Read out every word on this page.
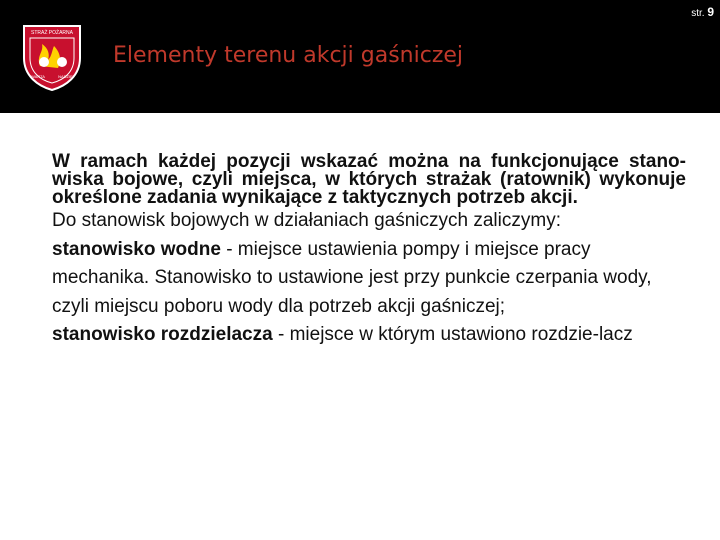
STRAŻ POŻARNA
WARTA	NADZIEI
Elementy terenu akcji gaśniczej
str. 9

W ramach każdej pozycji wskazać można na funkcjonujące stano-wiska bojowe, czyli miejsca, w których strażak (ratownik) wykonuje określone zadania wynikające z taktycznych potrzeb akcji.

Do stanowisk bojowych w działaniach gaśniczych zaliczymy:

stanowisko wodne - miejsce ustawienia pompy i miejsce pracy mechanika. Stanowisko to ustawione jest przy punkcie czerpania wody, czyli miejscu poboru wody dla potrzeb akcji gaśniczej;

stanowisko rozdzielacza - miejsce w którym ustawiono rozdzie-lacz
